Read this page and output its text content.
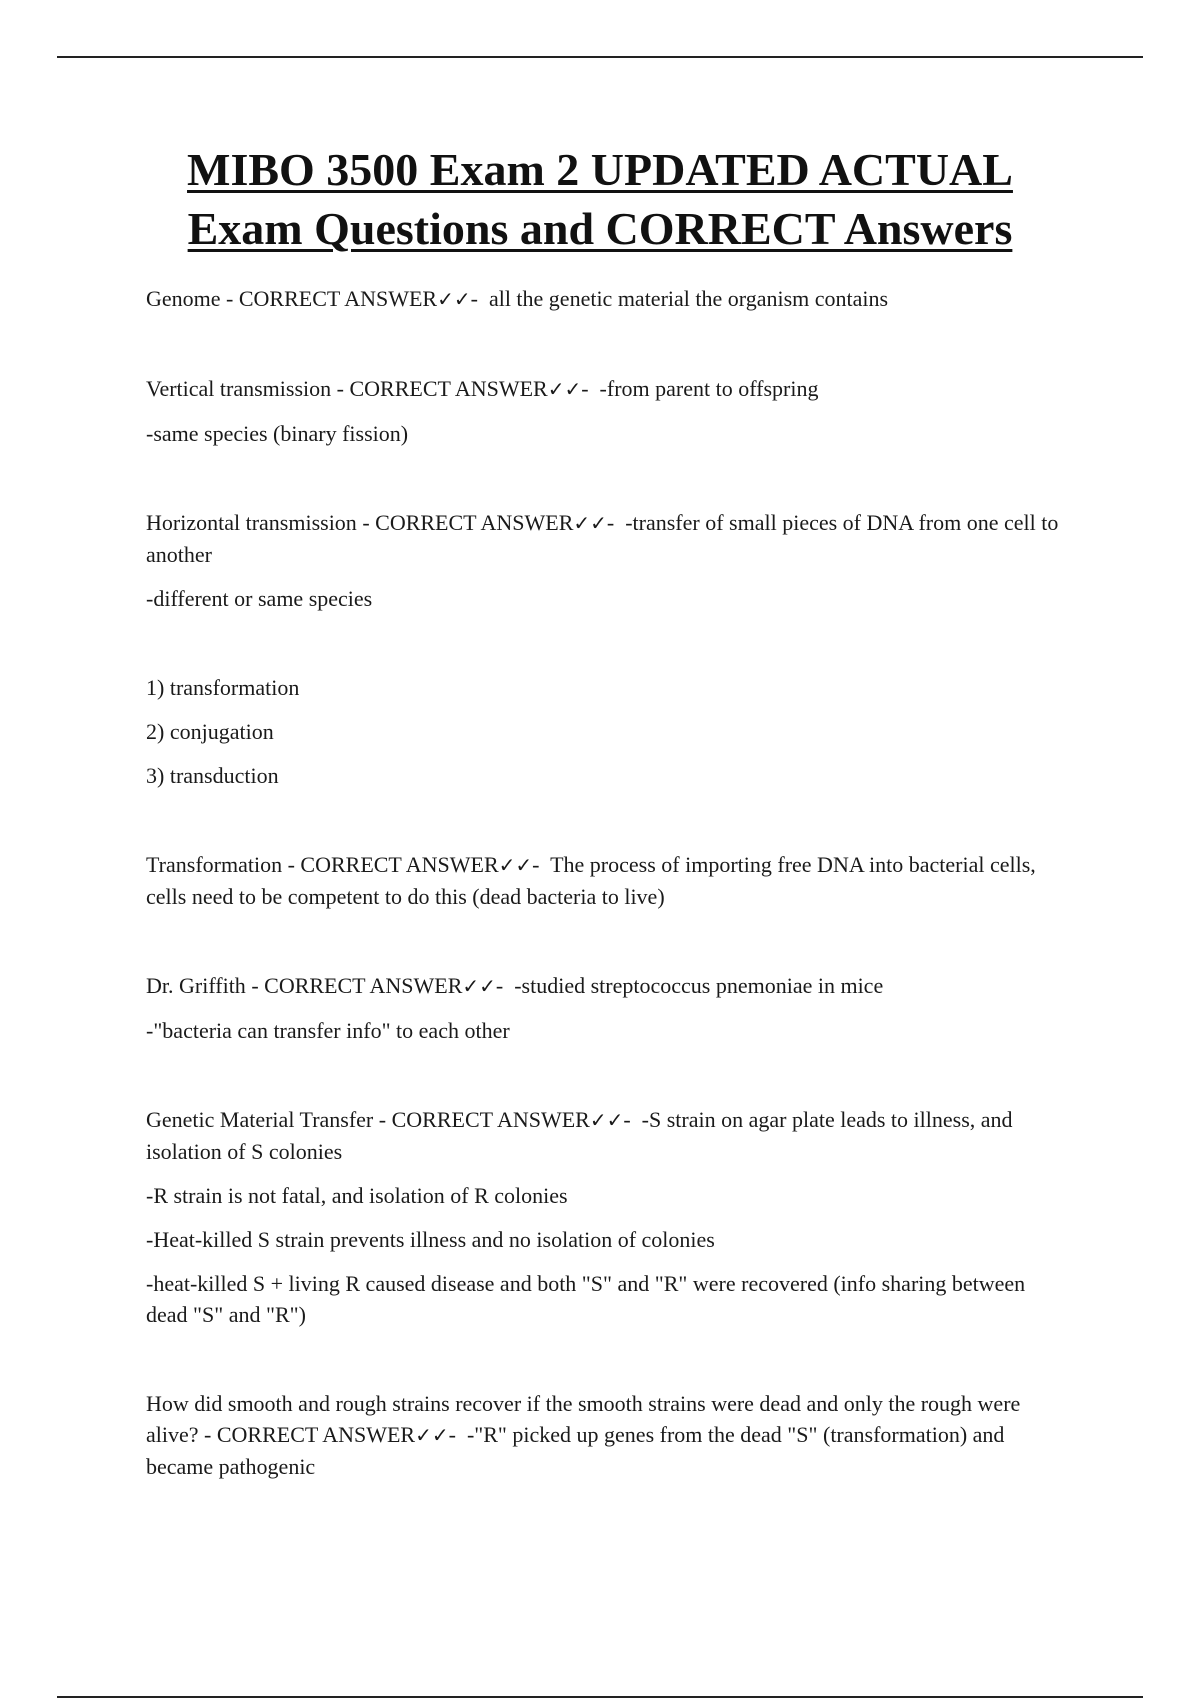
MIBO 3500 Exam 2 UPDATED ACTUAL
Exam Questions and CORRECT Answers

Genome - CORRECT ANSWER✓✓-  all the genetic material the organism contains

Vertical transmission - CORRECT ANSWER✓✓-  -from parent to offspring

-same species (binary fission)

Horizontal transmission - CORRECT ANSWER✓✓-  -transfer of small pieces of DNA from one cell to another

-different or same species

1) transformation

2) conjugation

3) transduction

Transformation - CORRECT ANSWER✓✓-  The process of importing free DNA into bacterial cells, cells need to be competent to do this (dead bacteria to live)

Dr. Griffith - CORRECT ANSWER✓✓-  -studied streptococcus pnemoniae in mice

-"bacteria can transfer info" to each other

Genetic Material Transfer - CORRECT ANSWER✓✓-  -S strain on agar plate leads to illness, and isolation of S colonies

-R strain is not fatal, and isolation of R colonies

-Heat-killed S strain prevents illness and no isolation of colonies

-heat-killed S + living R caused disease and both "S" and "R" were recovered (info sharing between dead "S" and "R")

How did smooth and rough strains recover if the smooth strains were dead and only the rough were alive? - CORRECT ANSWER✓✓-  -"R" picked up genes from the dead "S" (transformation) and became pathogenic
